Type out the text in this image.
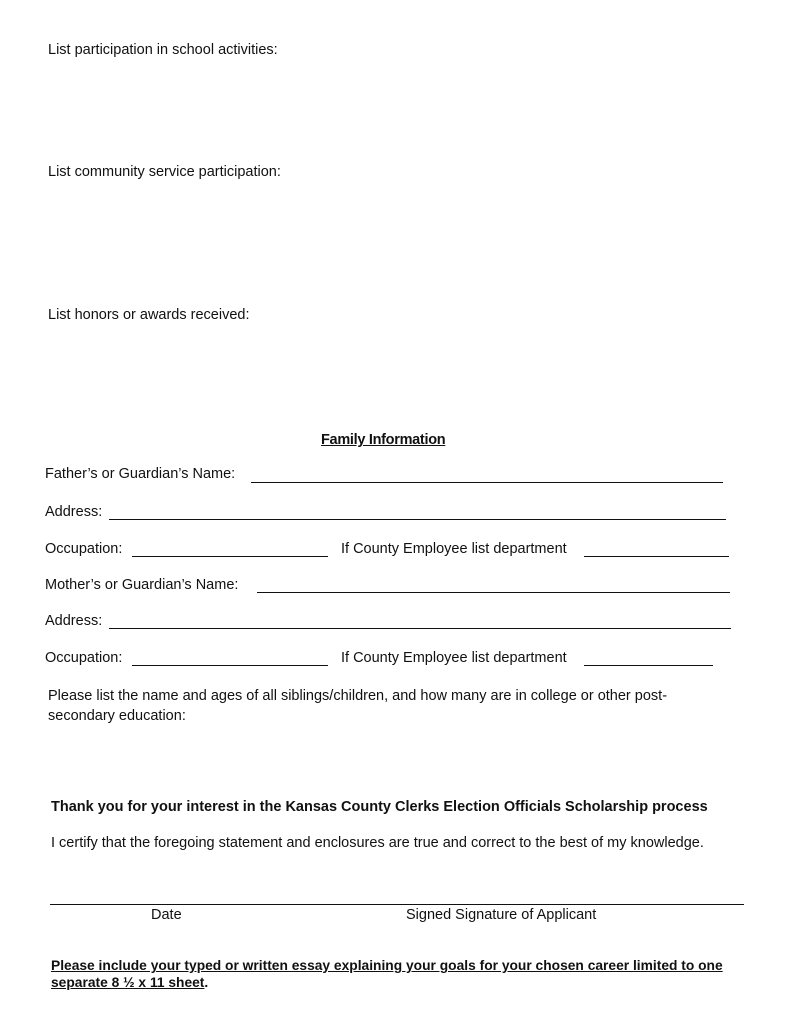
List participation in school activities:
List community service participation:
List honors or awards received:
Family Information
Father’s or Guardian’s Name:
Address:
Occupation:	If County Employee list department
Mother’s or Guardian’s Name:
Address:
Occupation:	If County Employee list department
Please list the name and ages of all siblings/children, and how many are in college or other post-secondary education:
Thank you for your interest in the Kansas County Clerks Election Officials Scholarship process
I certify that the foregoing statement and enclosures are true and correct to the best of my knowledge.
Date	Signed Signature of Applicant
Please include your typed or written essay explaining your goals for your chosen career limited to one separate 8 ½ x 11 sheet.
